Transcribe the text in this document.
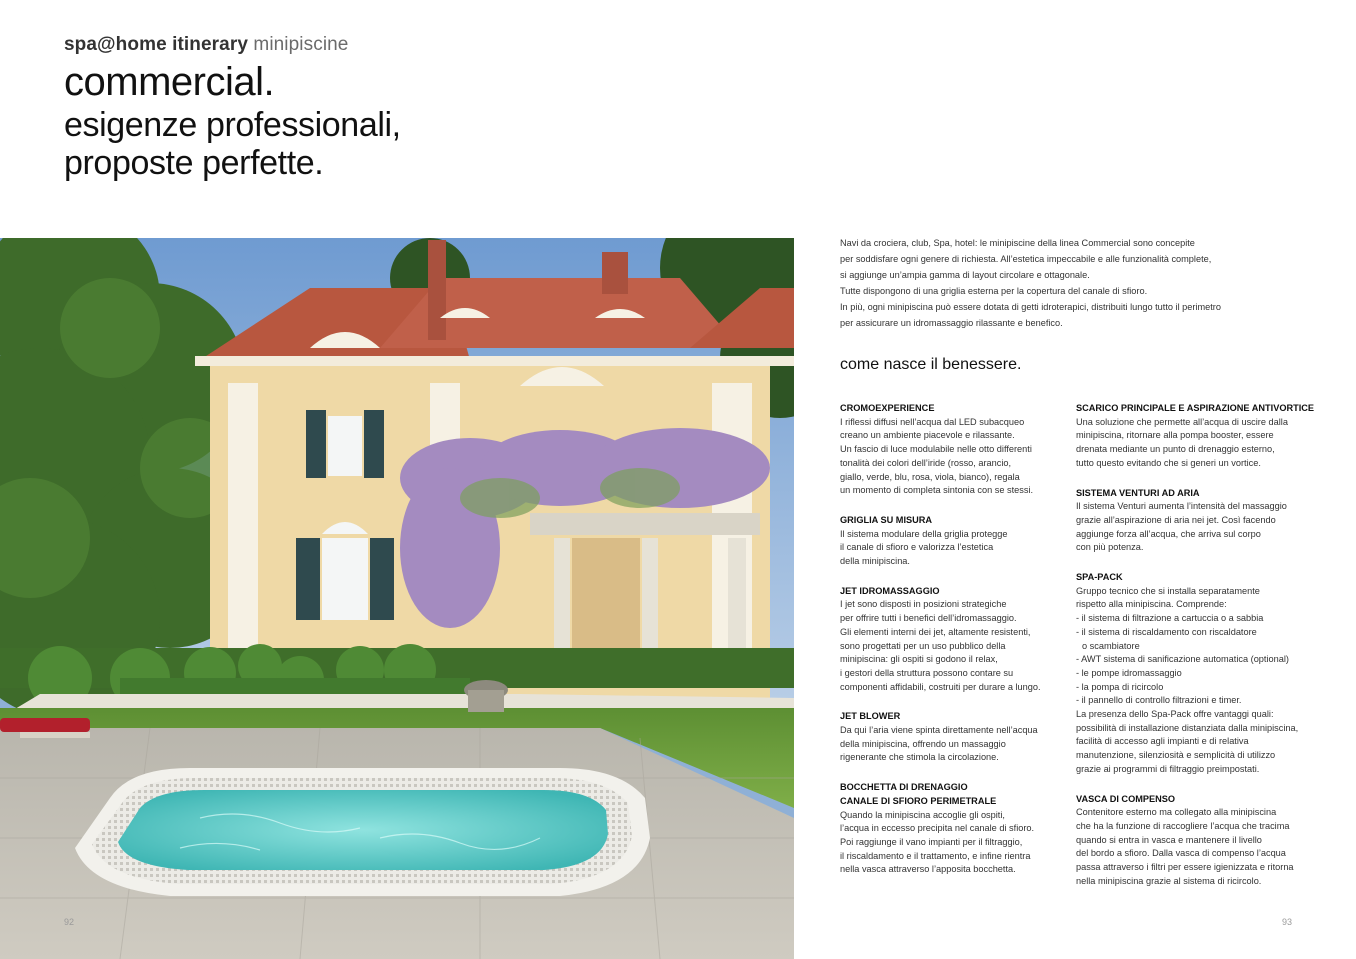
spa@home itinerary minipiscine
commercial.
esigenze professionali,
proposte perfette.
92	93

Navi da crociera, club, Spa, hotel: le minipiscine della linea Commercial sono concepite

per soddisfare ogni genere di richiesta. All’estetica impeccabile e alle funzionalità complete,

si aggiunge un’ampia gamma di layout circolare e ottagonale.

Tutte dispongono di una griglia esterna per la copertura del canale di sfioro.

In più, ogni minipiscina può essere dotata di getti idroterapici, distribuiti lungo tutto il perimetro

per assicurare un idromassaggio rilassante e benefico.

come nasce il benessere.
CROMOEXPERIENCE
I riflessi diffusi nell’acqua dal LED subacqueo
creano un ambiente piacevole e rilassante.
Un fascio di luce modulabile nelle otto differenti
tonalità dei colori dell’iride (rosso, arancio,
giallo, verde, blu, rosa, viola, bianco), regala
un momento di completa sintonia con se stessi.
GRIGLIA SU MISURA
Il sistema modulare della griglia protegge
il canale di sfioro e valorizza l’estetica
della minipiscina.
JET IDROMASSAGGIO
I jet sono disposti in posizioni strategiche
per offrire tutti i benefici dell’idromassaggio.
Gli elementi interni dei jet, altamente resistenti,
sono progettati per un uso pubblico della
minipiscina: gli ospiti si godono il relax,
i gestori della struttura possono contare su
componenti affidabili, costruiti per durare a lungo.
JET BLOWER
Da qui l’aria viene spinta direttamente nell’acqua
della minipiscina, offrendo un massaggio
rigenerante che stimola la circolazione.
BOCCHETTA DI DRENAGGIO
CANALE DI SFIORO PERIMETRALE
Quando la minipiscina accoglie gli ospiti,
l’acqua in eccesso precipita nel canale di sfioro.
Poi raggiunge il vano impianti per il filtraggio,
il riscaldamento e il trattamento, e infine rientra
nella vasca attraverso l’apposita bocchetta.
SCARICO PRINCIPALE E ASPIRAZIONE ANTIVORTICE
Una soluzione che permette all’acqua di uscire dalla
minipiscina, ritornare alla pompa booster, essere
drenata mediante un punto di drenaggio esterno,
tutto questo evitando che si generi un vortice.
SISTEMA VENTURI AD ARIA
Il sistema Venturi aumenta l’intensità del massaggio
grazie all’aspirazione di aria nei jet. Così facendo
aggiunge forza all’acqua, che arriva sul corpo
con più potenza.
SPA-PACK
Gruppo tecnico che si installa separatamente
rispetto alla minipiscina. Comprende:
- il sistema di filtrazione a cartuccia o a sabbia
- il sistema di riscaldamento con riscaldatore
o scambiatore
- AWT sistema di sanificazione automatica (optional)
- le pompe idromassaggio
- la pompa di ricircolo
- il pannello di controllo filtrazioni e timer.
La presenza dello Spa-Pack offre vantaggi quali:
possibilità di installazione distanziata dalla minipiscina,
facilità di accesso agli impianti e di relativa
manutenzione, silenziosità e semplicità di utilizzo
grazie ai programmi di filtraggio preimpostati.
VASCA DI COMPENSO
Contenitore esterno ma collegato alla minipiscina
che ha la funzione di raccogliere l’acqua che tracima
quando si entra in vasca e mantenere il livello
del bordo a sfioro. Dalla vasca di compenso l’acqua
passa attraverso i filtri per essere igienizzata e ritorna
nella minipiscina grazie al sistema di ricircolo.
